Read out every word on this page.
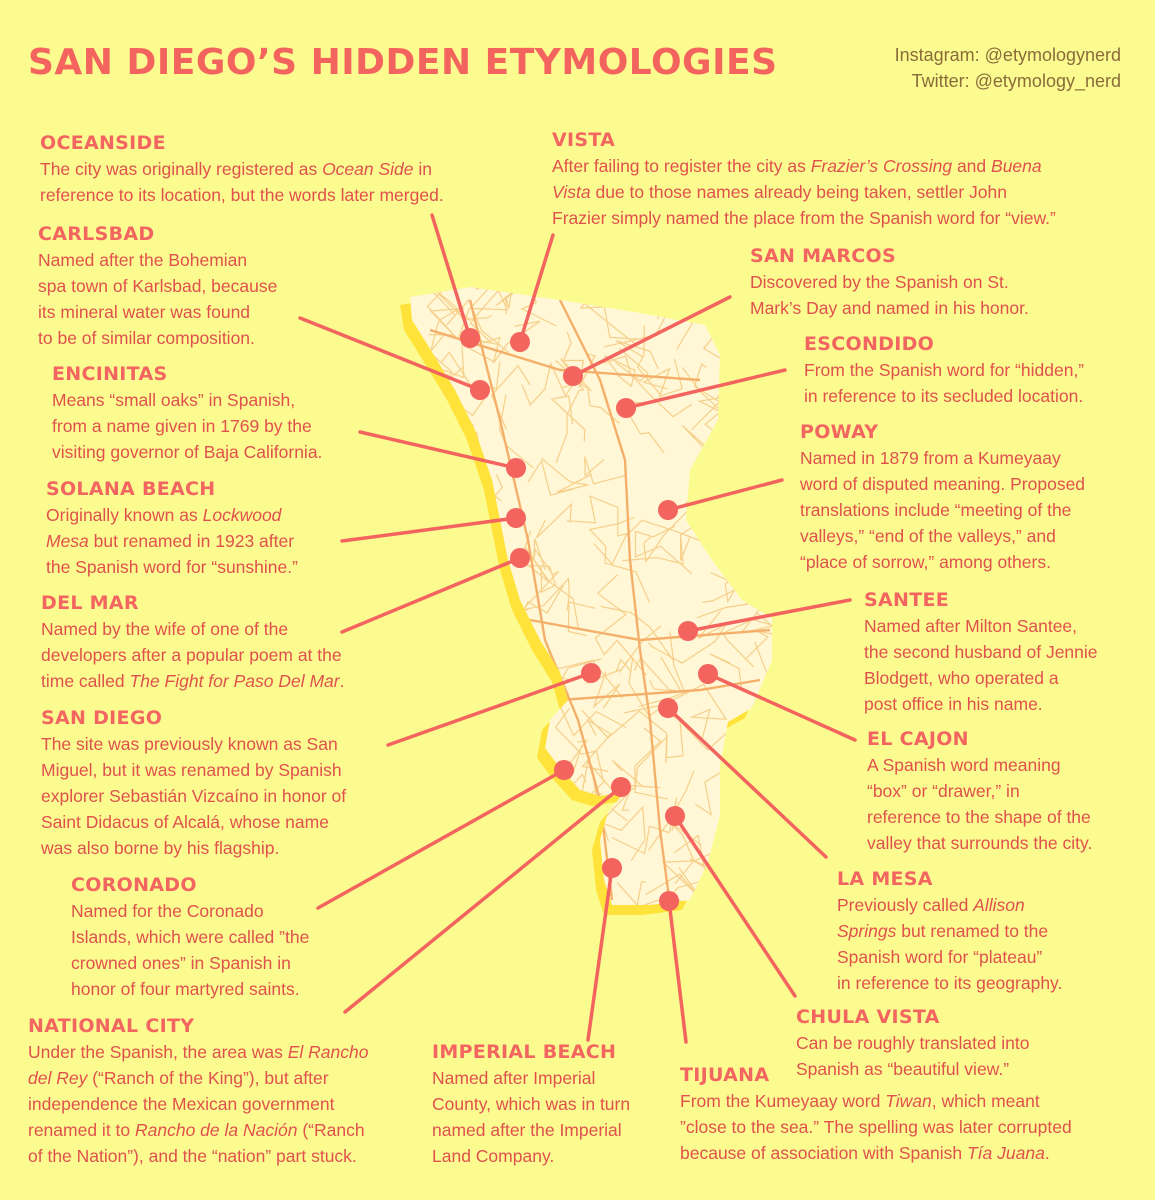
SAN DIEGO’S HIDDEN ETYMOLOGIES	Instagram: @etymologynerd
Twitter: @etymology_nerd
OCEANSIDE
The city was originally registered as Ocean Side in
reference to its location, but the words later merged.
CARLSBAD
Named after the Bohemian
spa town of Karlsbad, because
its mineral water was found
to be of similar composition.
ENCINITAS
Means “small oaks” in Spanish,
from a name given in 1769 by the
visiting governor of Baja California.
SOLANA BEACH
Originally known as Lockwood
Mesa but renamed in 1923 after
the Spanish word for “sunshine.”
DEL MAR
Named by the wife of one of the
developers after a popular poem at the
time called The Fight for Paso Del Mar.
SAN DIEGO
The site was previously known as San
Miguel, but it was renamed by Spanish
explorer Sebastián Vizcaíno in honor of
Saint Didacus of Alcalá, whose name
was also borne by his flagship.
CORONADO
Named for the Coronado
Islands, which were called ”the
crowned ones” in Spanish in
honor of four martyred saints.
NATIONAL CITY
Under the Spanish, the area was El Rancho
del Rey (“Ranch of the King”), but after
independence the Mexican government
renamed it to Rancho de la Nación (“Ranch
of the Nation”), and the “nation” part stuck.
IMPERIAL BEACH
Named after Imperial
County, which was in turn
named after the Imperial
Land Company.
VISTA
After failing to register the city as Frazier’s Crossing and Buena
Vista due to those names already being taken, settler John
Frazier simply named the place from the Spanish word for “view.”
SAN MARCOS
Discovered by the Spanish on St.
Mark’s Day and named in his honor.
ESCONDIDO
From the Spanish word for “hidden,”
in reference to its secluded location.
POWAY
Named in 1879 from a Kumeyaay
word of disputed meaning. Proposed
translations include “meeting of the
valleys,” “end of the valleys,” and
“place of sorrow,” among others.
SANTEE
Named after Milton Santee,
the second husband of Jennie
Blodgett, who operated a
post office in his name.
EL CAJON
A Spanish word meaning
“box” or “drawer,” in
reference to the shape of the
valley that surrounds the city.
LA MESA
Previously called Allison
Springs but renamed to the
Spanish word for “plateau”
in reference to its geography.
CHULA VISTA
Can be roughly translated into
Spanish as “beautiful view.”
TIJUANA
From the Kumeyaay word Tiwan, which meant
”close to the sea.” The spelling was later corrupted
because of association with Spanish Tía Juana.
